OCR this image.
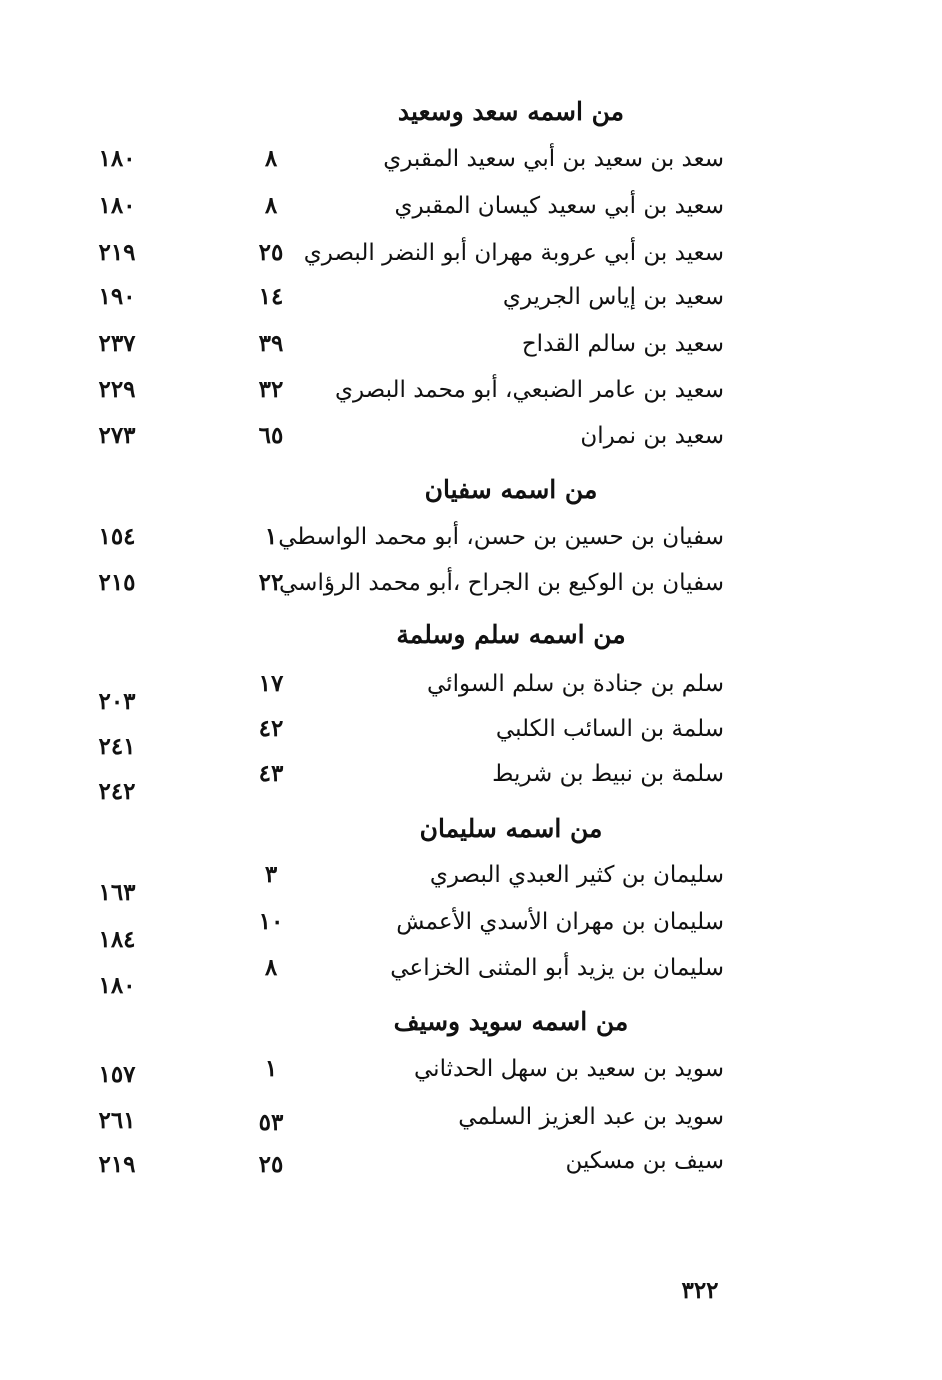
من اسمه سعد وسعيد
سعد بن سعيد بن أبي سعيد المقبري
٨
١٨٠
سعيد بن أبي سعيد كيسان المقبري
٨
١٨٠
سعيد بن أبي عروبة مهران أبو النضر البصري
٢٥
٢١٩
سعيد بن إياس الجريري
١٤
١٩٠
سعيد بن سالم القداح
٣٩
٢٣٧
سعيد بن عامر الضبعي، أبو محمد البصري
٣٢
٢٢٩
سعيد بن نمران
٦٥
٢٧٣
من اسمه سفيان
سفيان بن حسين بن حسن، أبو محمد الواسطي
١
١٥٤
سفيان بن الوكيع بن الجراح ،أبو محمد الرؤاسي
٢٢
٢١٥
من اسمه سلم وسلمة
سلم بن جنادة بن سلم السوائي
١٧
٢٠٣
سلمة بن السائب الكلبي
٤٢
٢٤١
سلمة بن نبيط بن شريط
٤٣
٢٤٢
من اسمه سليمان
سليمان بن كثير العبدي البصري
٣
١٦٣
سليمان بن مهران الأسدي الأعمش
١٠
١٨٤
سليمان بن يزيد أبو المثنى الخزاعي
٨
١٨٠
من اسمه سويد وسيف
سويد بن سعيد بن سهل الحدثاني
١
١٥٧
سويد بن عبد العزيز السلمي
٥٣
٢٦١
سيف بن مسكين
٢٥
٢١٩
٣٢٢
